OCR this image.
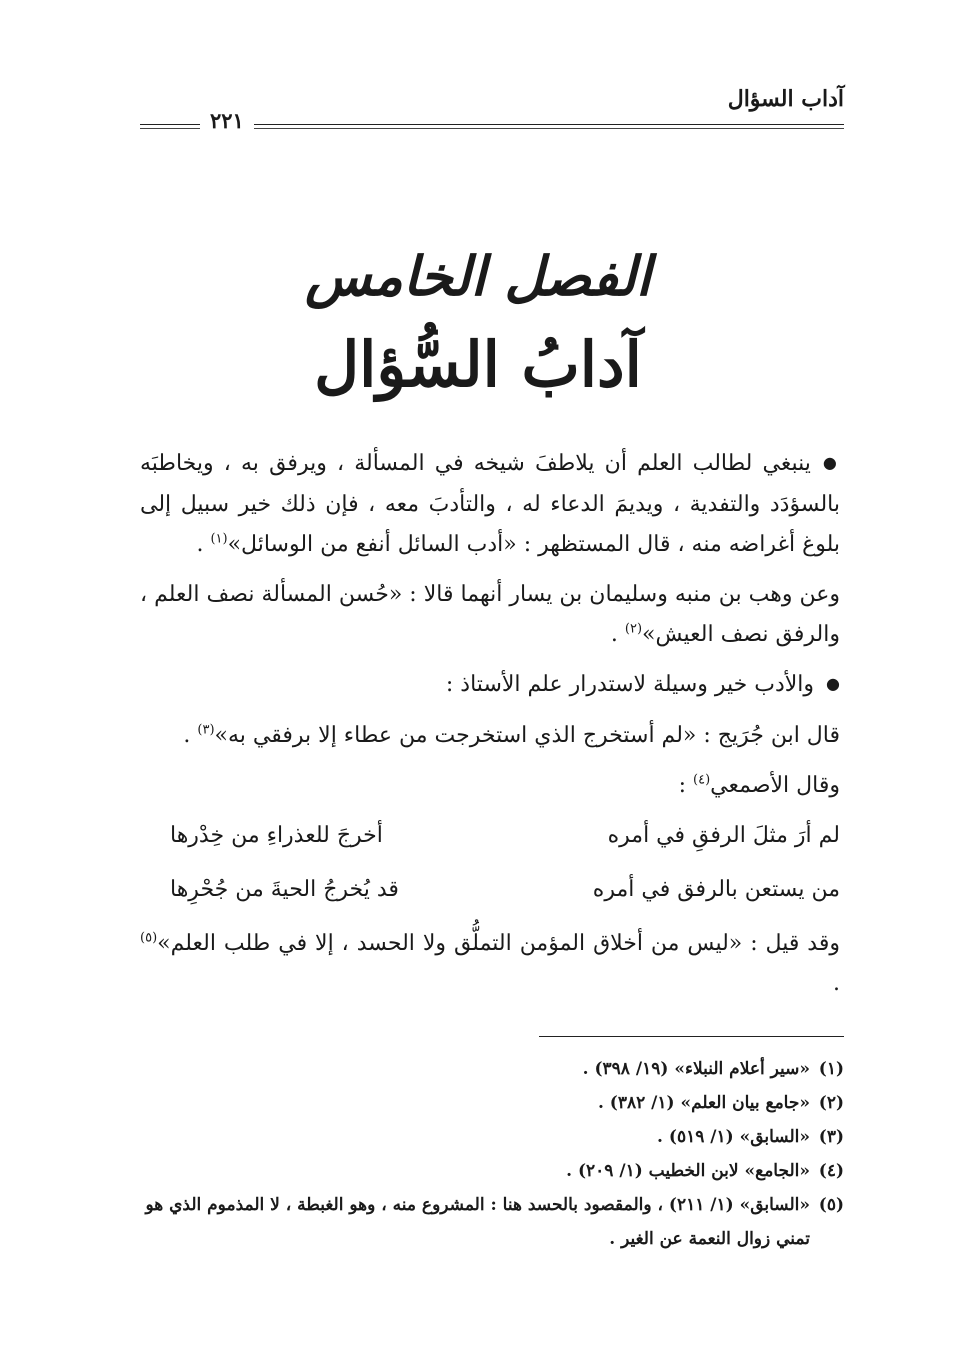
آداب السؤال
٢٢١
الفصل الخامس
آدابُ السُّؤال

● ينبغي لطالب العلم أن يلاطفَ شيخه في المسألة ، ويرفق به ، ويخاطبَه بالسؤدَد والتفدية ، ويديمَ الدعاء له ، والتأدبَ معه ، فإن ذلك خير سبيل إلى بلوغ أغراضه منه ، قال المستظهر : «أدب السائل أنفع من الوسائل»$^{(١)}$ .

وعن وهب بن منبه وسليمان بن يسار أنهما قالا : «حُسن المسألة نصف العلم ، والرفق نصف العيش»$^{(٢)}$ .

● والأدب خير وسيلة لاستدرار علم الأستاذ :

قال ابن جُرَيج : «لم أستخرج الذي استخرجت من عطاء إلا برفقي به»$^{(٣)}$ .

وقال الأصمعي$^{(٤)}$ :

لم أرَ مثلَ الرفقِ في أمره
أخرجَ للعذراءِ من خِدْرها
من يستعن بالرفق في أمره
قد يُخرجُ الحيةَ من جُحْرِها

وقد قيل : «ليس من أخلاق المؤمن التملُّق ولا الحسد ، إلا في طلب العلم»$^{(٥)}$ .

(١)«سير أعلام النبلاء» (١٩/ ٣٩٨) .

(٢)«جامع بيان العلم» (١/ ٣٨٢) .

(٣)«السابق» (١/ ٥١٩) .

(٤)«الجامع» لابن الخطيب (١/ ٢٠٩) .

(٥)«السابق» (١/ ٢١١) ، والمقصود بالحسد هنا : المشروع منه ، وهو الغبطة ، لا المذموم الذي هو
تمني زوال النعمة عن الغير .
